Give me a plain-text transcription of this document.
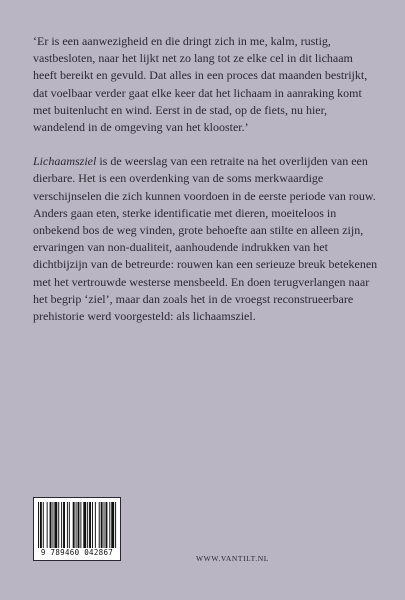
‘Er is een aanwezigheid en die dringt zich in me, kalm, rustig, vastbesloten, naar het lijkt net zo lang tot ze elke cel in dit lichaam heeft bereikt en gevuld. Dat alles in een proces dat maanden bestrijkt, dat voelbaar verder gaat elke keer dat het lichaam in aanraking komt met buitenlucht en wind. Eerst in de stad, op de fiets, nu hier, wandelend in de omgeving van het klooster.’

Lichaamsziel is de weerslag van een retraite na het overlijden van een dierbare. Het is een overdenking van de soms merkwaardige verschijnselen die zich kunnen voordoen in de eerste periode van rouw. Anders gaan eten, sterke identificatie met dieren, moeiteloos in onbekend bos de weg vinden, grote behoefte aan stilte en alleen zijn, ervaringen van non-dualiteit, aanhoudende indrukken van het dichtbijzijn van de betreurde: rouwen kan een serieuze breuk betekenen met het vertrouwde westerse mensbeeld. En doen terugverlangen naar het begrip ‘ziel’, maar dan zoals het in de vroegst reconstrueerbare prehistorie werd voorgesteld: als lichaamsziel.

9 789460 042867
WWW.VANTILT.NL
